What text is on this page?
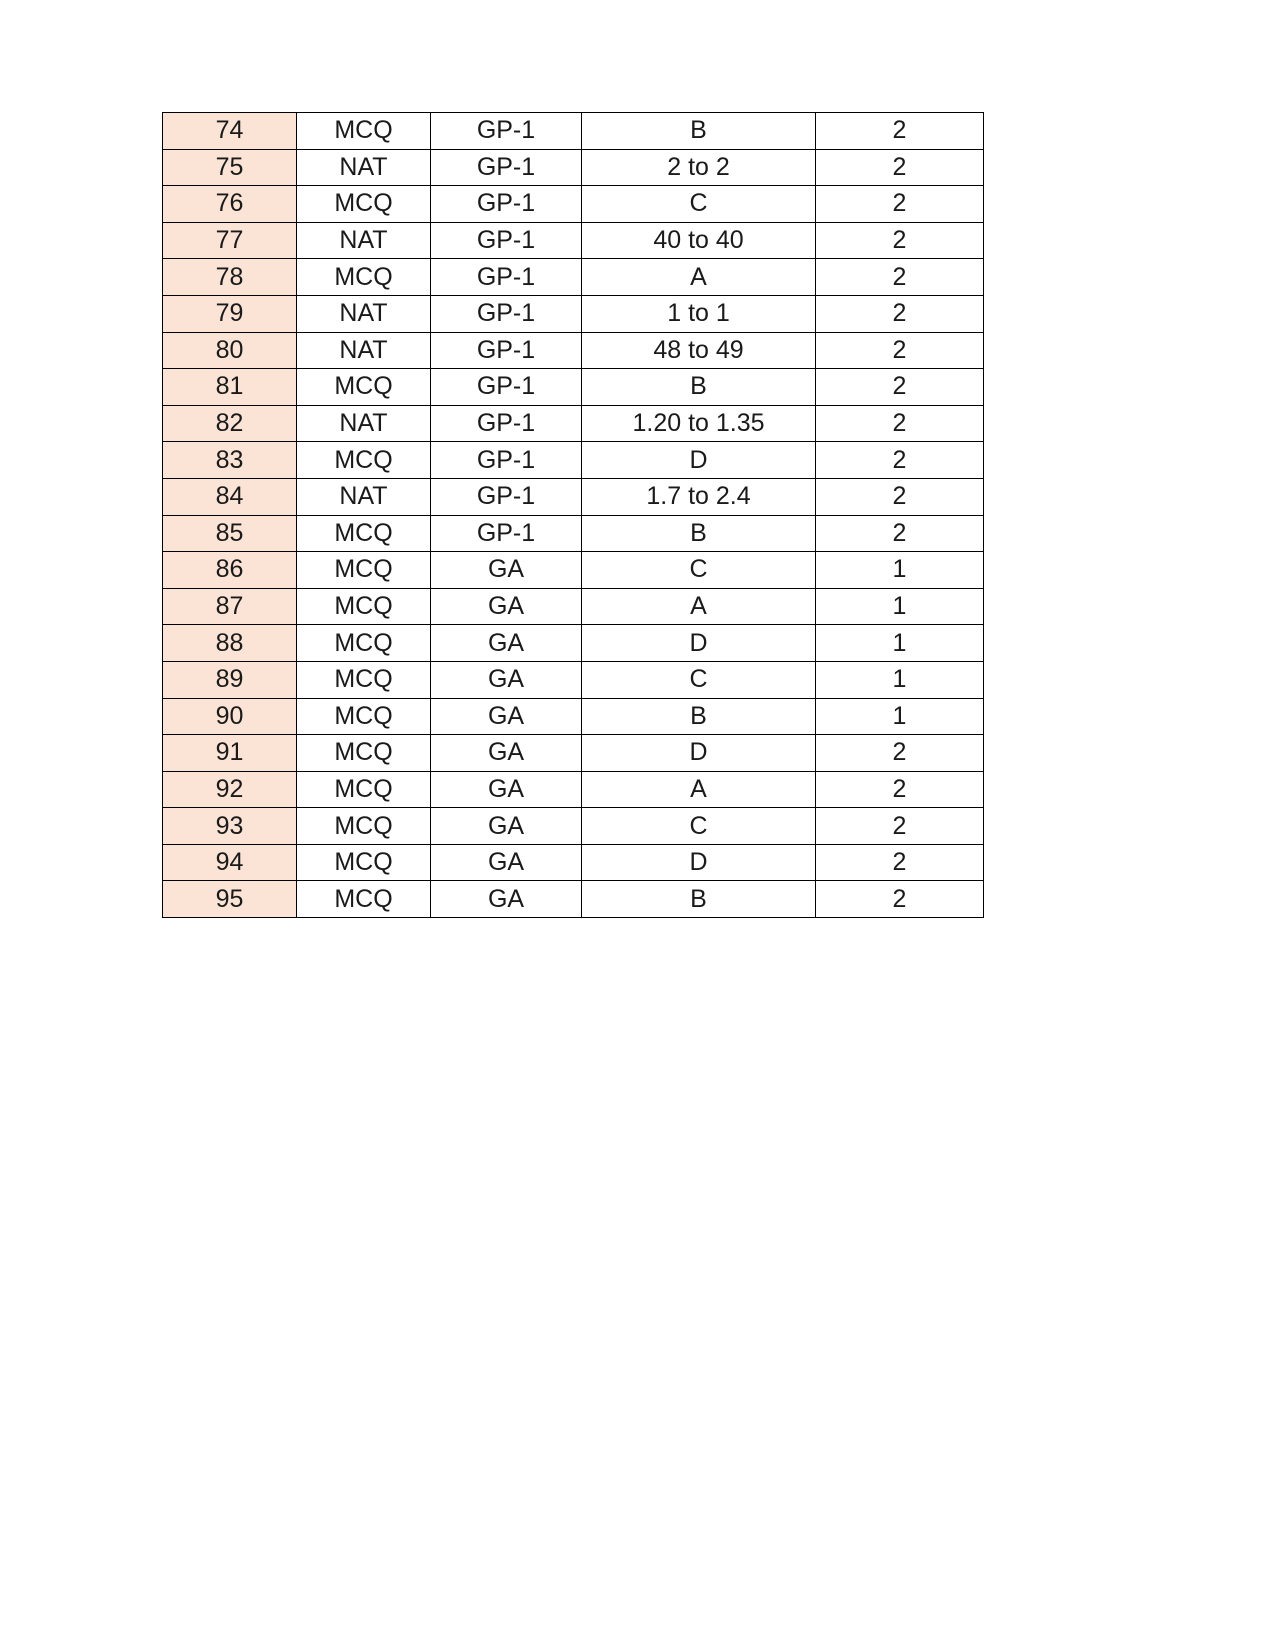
74	MCQ	GP-1	B	2
75	NAT	GP-1	2 to 2	2
76	MCQ	GP-1	C	2
77	NAT	GP-1	40 to 40	2
78	MCQ	GP-1	A	2
79	NAT	GP-1	1 to 1	2
80	NAT	GP-1	48 to 49	2
81	MCQ	GP-1	B	2
82	NAT	GP-1	1.20 to 1.35	2
83	MCQ	GP-1	D	2
84	NAT	GP-1	1.7 to 2.4	2
85	MCQ	GP-1	B	2
86	MCQ	GA	C	1
87	MCQ	GA	A	1
88	MCQ	GA	D	1
89	MCQ	GA	C	1
90	MCQ	GA	B	1
91	MCQ	GA	D	2
92	MCQ	GA	A	2
93	MCQ	GA	C	2
94	MCQ	GA	D	2
95	MCQ	GA	B	2
